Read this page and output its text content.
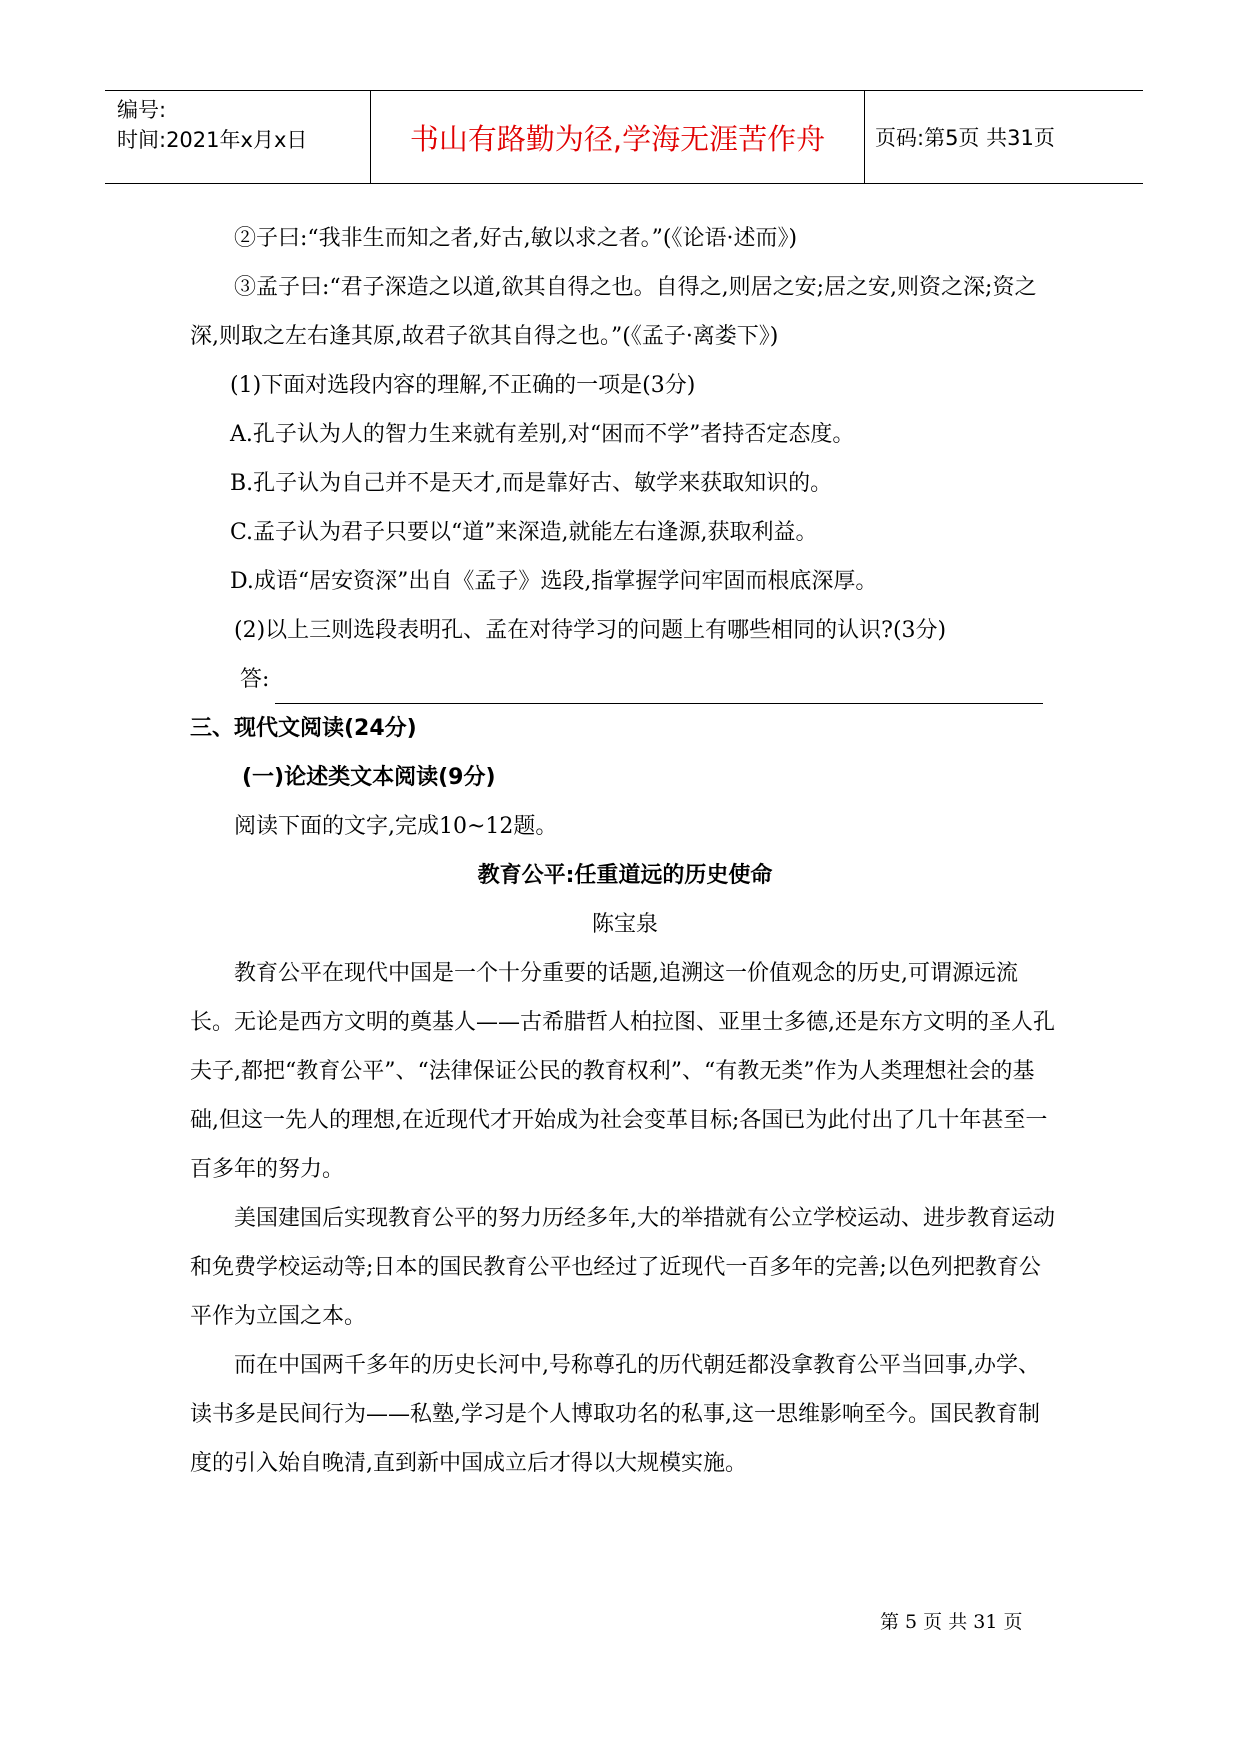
编号:
时间:2021年x月x日	书山有路勤为径,学海无涯苦作舟	页码:第5页 共31页

②子曰:“我非生而知之者,好古,敏以求之者。”(《论语·述而》)

③孟子曰:“君子深造之以道,欲其自得之也。自得之,则居之安;居之安,则资之深;资之深,则取之左右逢其原,故君子欲其自得之也。”(《孟子·离娄下》)

(1)下面对选段内容的理解,不正确的一项是(3分)

A.孔子认为人的智力生来就有差别,对“困而不学”者持否定态度。

B.孔子认为自己并不是天才,而是靠好古、敏学来获取知识的。

C.孟子认为君子只要以“道”来深造,就能左右逢源,获取利益。

D.成语“居安资深”出自《孟子》选段,指掌握学问牢固而根底深厚。

(2)以上三则选段表明孔、孟在对待学习的问题上有哪些相同的认识?(3分)

答:

三、现代文阅读(24分)

(一)论述类文本阅读(9分)

阅读下面的文字,完成10~12题。

教育公平:任重道远的历史使命

陈宝泉

教育公平在现代中国是一个十分重要的话题,追溯这一价值观念的历史,可谓源远流长。无论是西方文明的奠基人——古希腊哲人柏拉图、亚里士多德,还是东方文明的圣人孔夫子,都把“教育公平”、“法律保证公民的教育权利”、“有教无类”作为人类理想社会的基础,但这一先人的理想,在近现代才开始成为社会变革目标;各国已为此付出了几十年甚至一百多年的努力。

美国建国后实现教育公平的努力历经多年,大的举措就有公立学校运动、进步教育运动和免费学校运动等;日本的国民教育公平也经过了近现代一百多年的完善;以色列把教育公平作为立国之本。

而在中国两千多年的历史长河中,号称尊孔的历代朝廷都没拿教育公平当回事,办学、读书多是民间行为——私塾,学习是个人博取功名的私事,这一思维影响至今。国民教育制度的引入始自晚清,直到新中国成立后才得以大规模实施。

第 5 页 共 31 页
